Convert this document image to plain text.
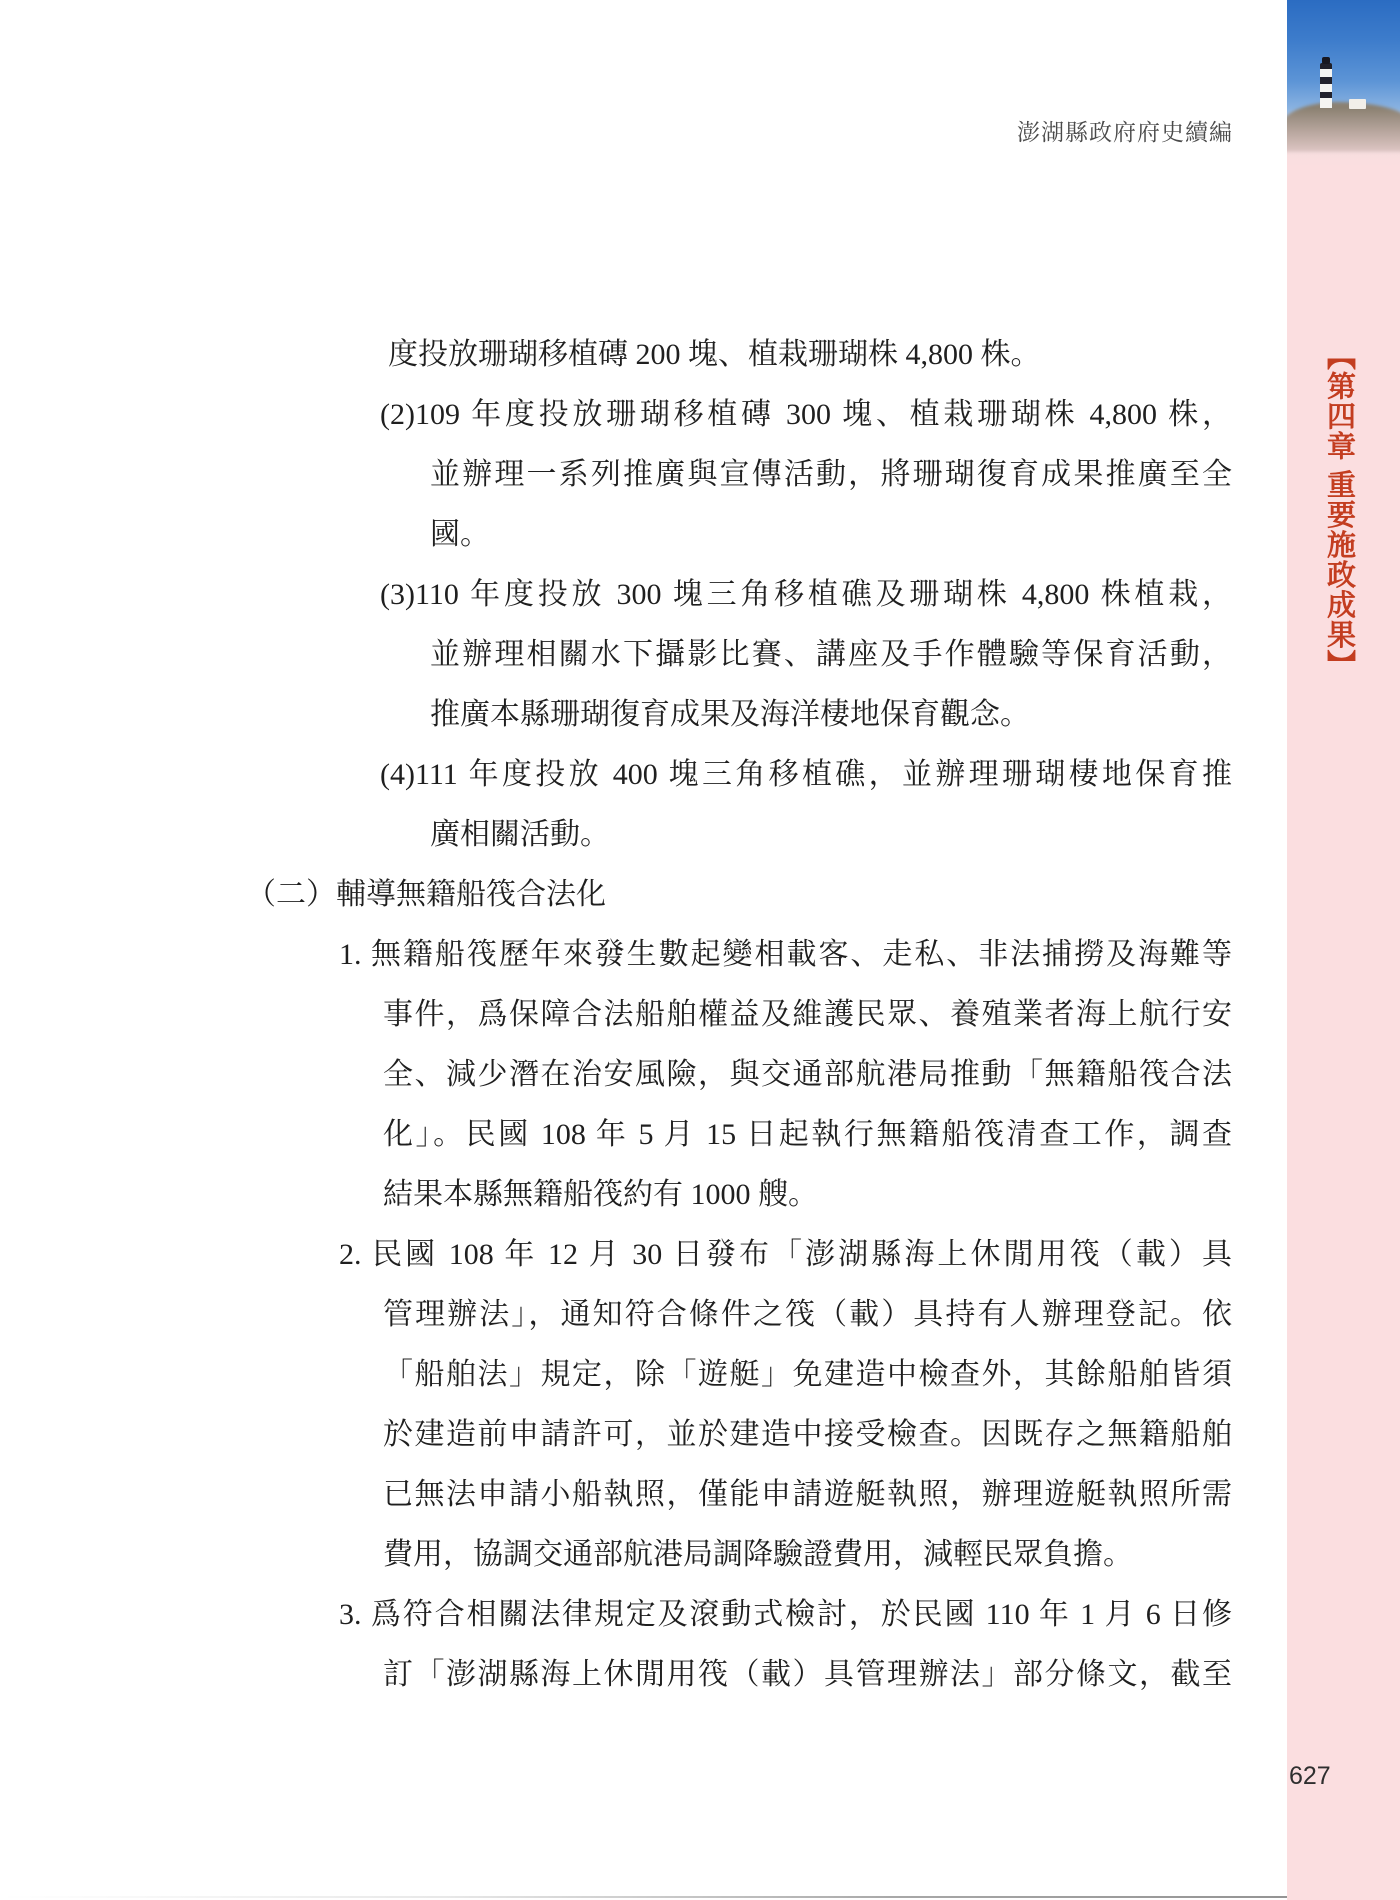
澎湖縣政府府史續編
度投放珊瑚移植磚 200 塊、植栽珊瑚株 4,800 株。
(2)109 年度投放珊瑚移植磚 300 塊、植栽珊瑚株 4,800 株，
並辦理一系列推廣與宣傳活動，將珊瑚復育成果推廣至全
國。
(3)110 年度投放 300 塊三角移植礁及珊瑚株 4,800 株植栽，
並辦理相關水下攝影比賽、講座及手作體驗等保育活動，
推廣本縣珊瑚復育成果及海洋棲地保育觀念。
(4)111 年度投放 400 塊三角移植礁，並辦理珊瑚棲地保育推
廣相關活動。
（二）輔導無籍船筏合法化
1. 無籍船筏歷年來發生數起變相載客、走私、非法捕撈及海難等
事件，爲保障合法船舶權益及維護民眾、養殖業者海上航行安
全、減少潛在治安風險，與交通部航港局推動「無籍船筏合法
化」。民國 108 年 5 月 15 日起執行無籍船筏清查工作，調查
結果本縣無籍船筏約有 1000 艘。
2. 民國 108 年 12 月 30 日發布「澎湖縣海上休閒用筏（載）具
管理辦法」，通知符合條件之筏（載）具持有人辦理登記。依
「船舶法」規定，除「遊艇」免建造中檢查外，其餘船舶皆須
於建造前申請許可，並於建造中接受檢查。因既存之無籍船舶
已無法申請小船執照，僅能申請遊艇執照，辦理遊艇執照所需
費用，協調交通部航港局調降驗證費用，減輕民眾負擔。
3. 爲符合相關法律規定及滾動式檢討，於民國 110 年 1 月 6 日修
訂「澎湖縣海上休閒用筏（載）具管理辦法」部分條文，截至
【第四章 重要施政成果】
627
